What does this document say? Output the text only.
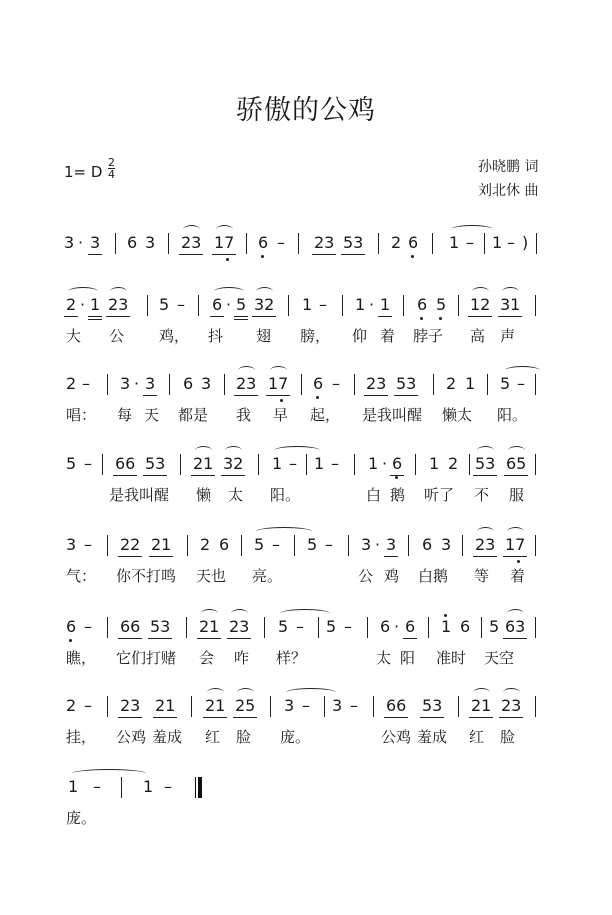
骄傲的公鸡
1= D $\frac{2}{4}$	孙晓鹏 词
刘北休 曲
3 · 3 6 3 23 17 6 – 23 53 2 6 1 – 1 – )
2 · 1 23 5 – 6 · 5 32 1 – 1 · 1 6 5 12 31
大 公 鸡， 抖 翅 膀， 仰 着 脖子 高 声
2 – 3 · 3 6 3 23 17 6 – 23 53 2 1 5 –
唱： 每 天 都是 我 早 起， 是我叫醒 懒太 阳。
5 – 66 53 21 32 1 – 1 – 1 · 6 1 2 53 65
是我叫醒 懒 太 阳。	白 鹅 听了 不 服
3 – 22 21 2 6 5 – 5 – 3 · 3 6 3 23 17
气： 你不打鸣 天也 亮。	公 鸡 白鹅 等 着
6 – 66 53 21 23 5 – 5 – 6 · 6 1 6 5 63
瞧， 它们打赌 会 咋 样？	太 阳 准时 天空
2 – 23 21 21 25 3 – 3 – 66 53 21 23
挂， 公鸡 羞成 红 脸 庞。	公鸡 羞成 红 脸
1 –	1 –
庞。
